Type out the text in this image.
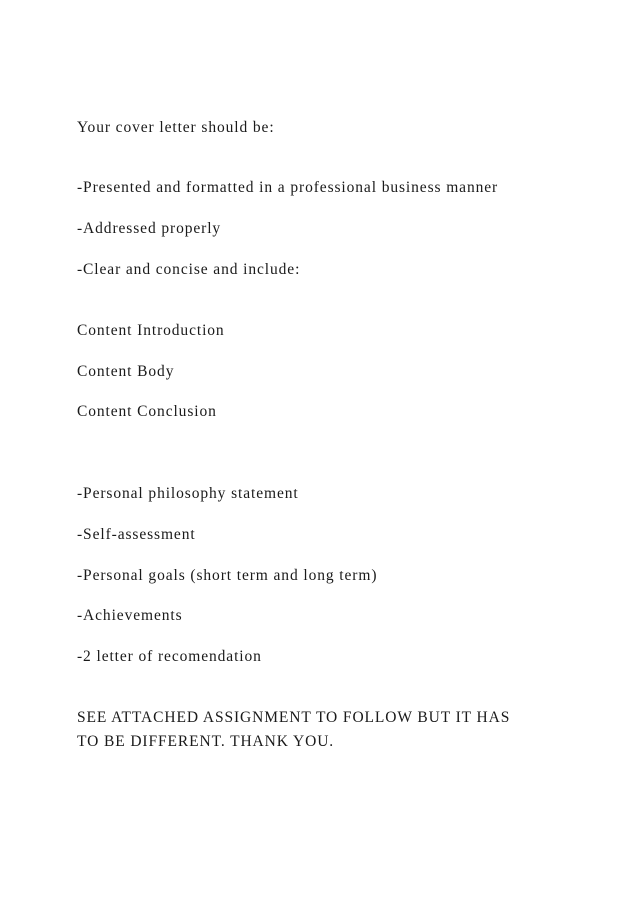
Your cover letter should be:
-Presented and formatted in a professional business manner
-Addressed properly
-Clear and concise and include:
Content Introduction
Content Body
Content Conclusion
-Personal philosophy statement
-Self-assessment
-Personal goals (short term and long term)
-Achievements
-2 letter of recomendation
SEE ATTACHED ASSIGNMENT TO FOLLOW BUT IT HAS
TO BE DIFFERENT. THANK YOU.
